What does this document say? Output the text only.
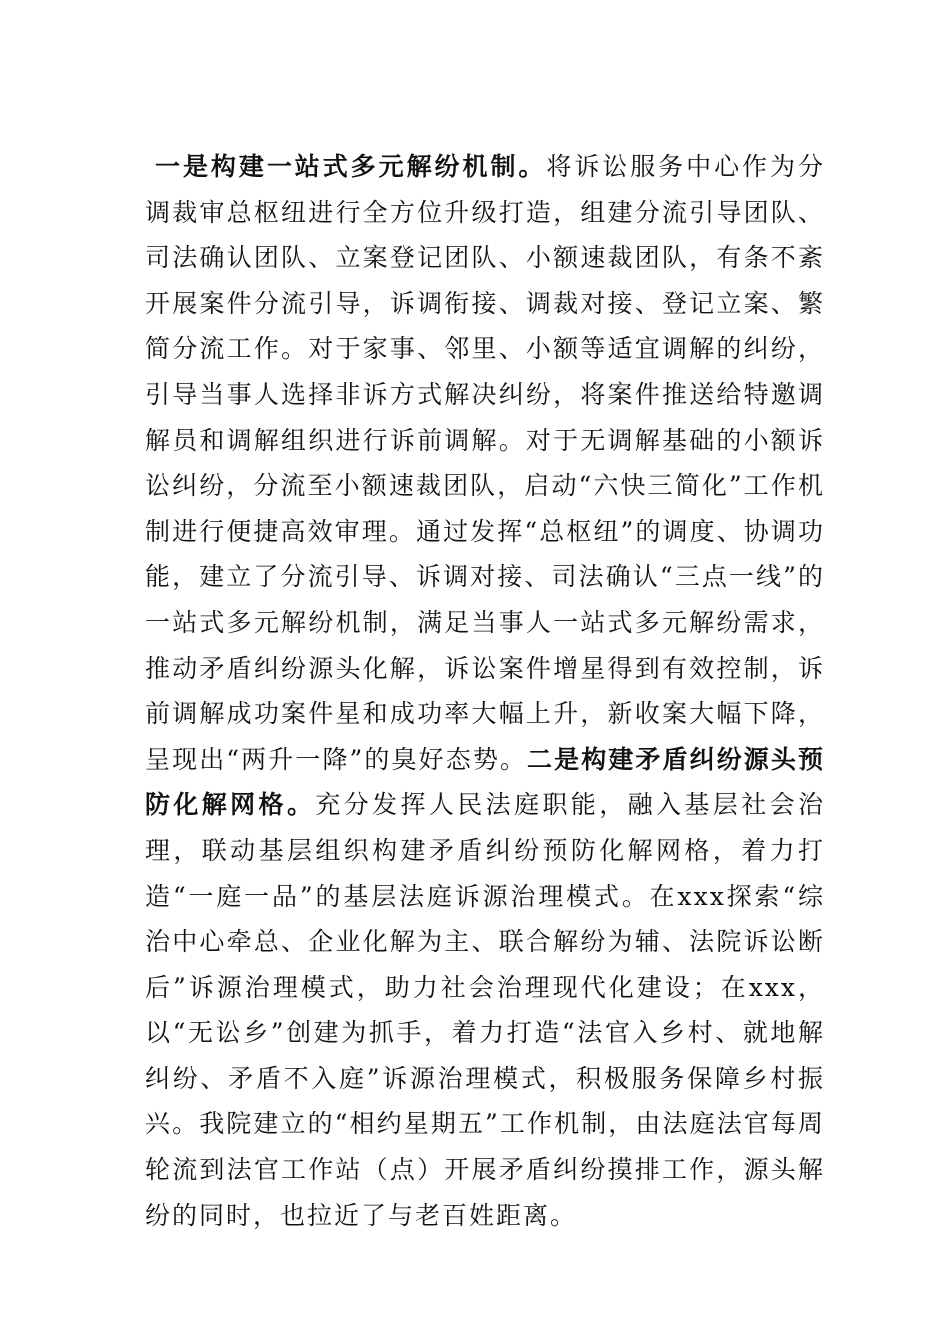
一是构建一站式多元解纷机制。将诉讼服务中心作为分调裁审总枢纽进行全方位升级打造，组建分流引导团队、司法确认团队、立案登记团队、小额速裁团队，有条不紊开展案件分流引导，诉调衔接、调裁对接、登记立案、繁简分流工作。对于家事、邻里、小额等适宜调解的纠纷，引导当事人选择非诉方式解决纠纷，将案件推送给特邀调解员和调解组织进行诉前调解。对于无调解基础的小额诉讼纠纷，分流至小额速裁团队，启动“六快三简化”工作机制进行便捷高效审理。通过发挥“总枢纽”的调度、协调功能，建立了分流引导、诉调对接、司法确认“三点一线”的一站式多元解纷机制，满足当事人一站式多元解纷需求，推动矛盾纠纷源头化解，诉讼案件增星得到有效控制，诉前调解成功案件星和成功率大幅上升，新收案大幅下降，呈现出“两升一降”的臭好态势。二是构建矛盾纠纷源头预防化解网格。充分发挥人民法庭职能，融入基层社会治理，联动基层组织构建矛盾纠纷预防化解网格，着力打造“一庭一品”的基层法庭诉源治理模式。在xxx探索“综治中心牵总、企业化解为主、联合解纷为辅、法院诉讼断后”诉源治理模式，助力社会治理现代化建设；在xxx，以“无讼乡”创建为抓手，着力打造“法官入乡村、就地解纠纷、矛盾不入庭”诉源治理模式，积极服务保障乡村振兴。我院建立的“相约星期五”工作机制，由法庭法官每周轮流到法官工作站（点）开展矛盾纠纷摸排工作，源头解纷的同时，也拉近了与老百姓距离。
